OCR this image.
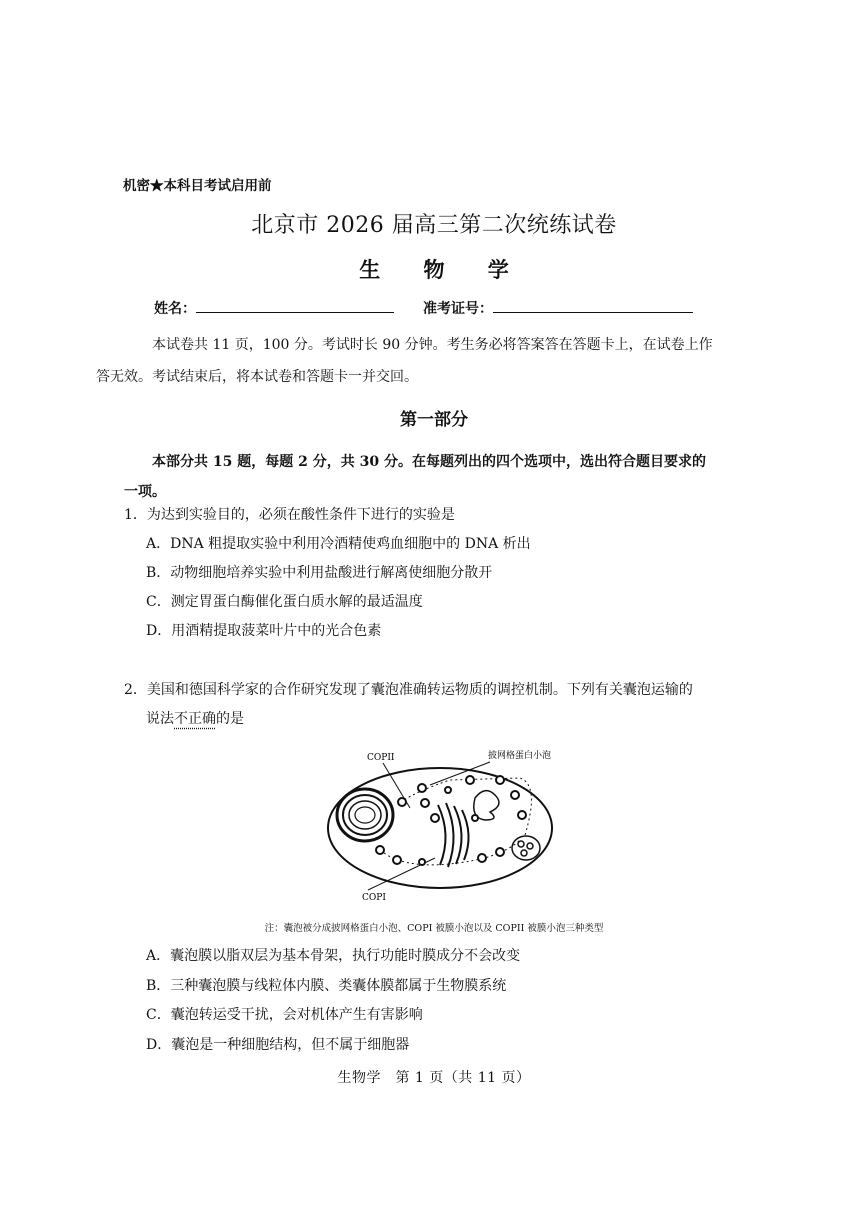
机密★本科目考试启用前
北京市 2026 届高三第二次统练试卷
生 物 学
姓名：	准考证号：
本试卷共 11 页，100 分。考试时长 90 分钟。考生务必将答案答在答题卡上，在试卷上作
答无效。考试结束后，将本试卷和答题卡一并交回。
第一部分
本部分共 15 题，每题 2 分，共 30 分。在每题列出的四个选项中，选出符合题目要求的
一项。
1．为达到实验目的，必须在酸性条件下进行的实验是
A．DNA 粗提取实验中利用冷酒精使鸡血细胞中的 DNA 析出
B．动物细胞培养实验中利用盐酸进行解离使细胞分散开
C．测定胃蛋白酶催化蛋白质水解的最适温度
D．用酒精提取菠菜叶片中的光合色素
2．美国和德国科学家的合作研究发现了囊泡准确转运物质的调控机制。下列有关囊泡运输的
说法不正确的是
COPII
COPI
披网格蛋白小泡
注：囊泡被分成披网格蛋白小泡、COPI 被膜小泡以及 COPII 被膜小泡三种类型
A．囊泡膜以脂双层为基本骨架，执行功能时膜成分不会改变
B．三种囊泡膜与线粒体内膜、类囊体膜都属于生物膜系统
C．囊泡转运受干扰，会对机体产生有害影响
D．囊泡是一种细胞结构，但不属于细胞器
生物学　第 1 页（共 11 页）
